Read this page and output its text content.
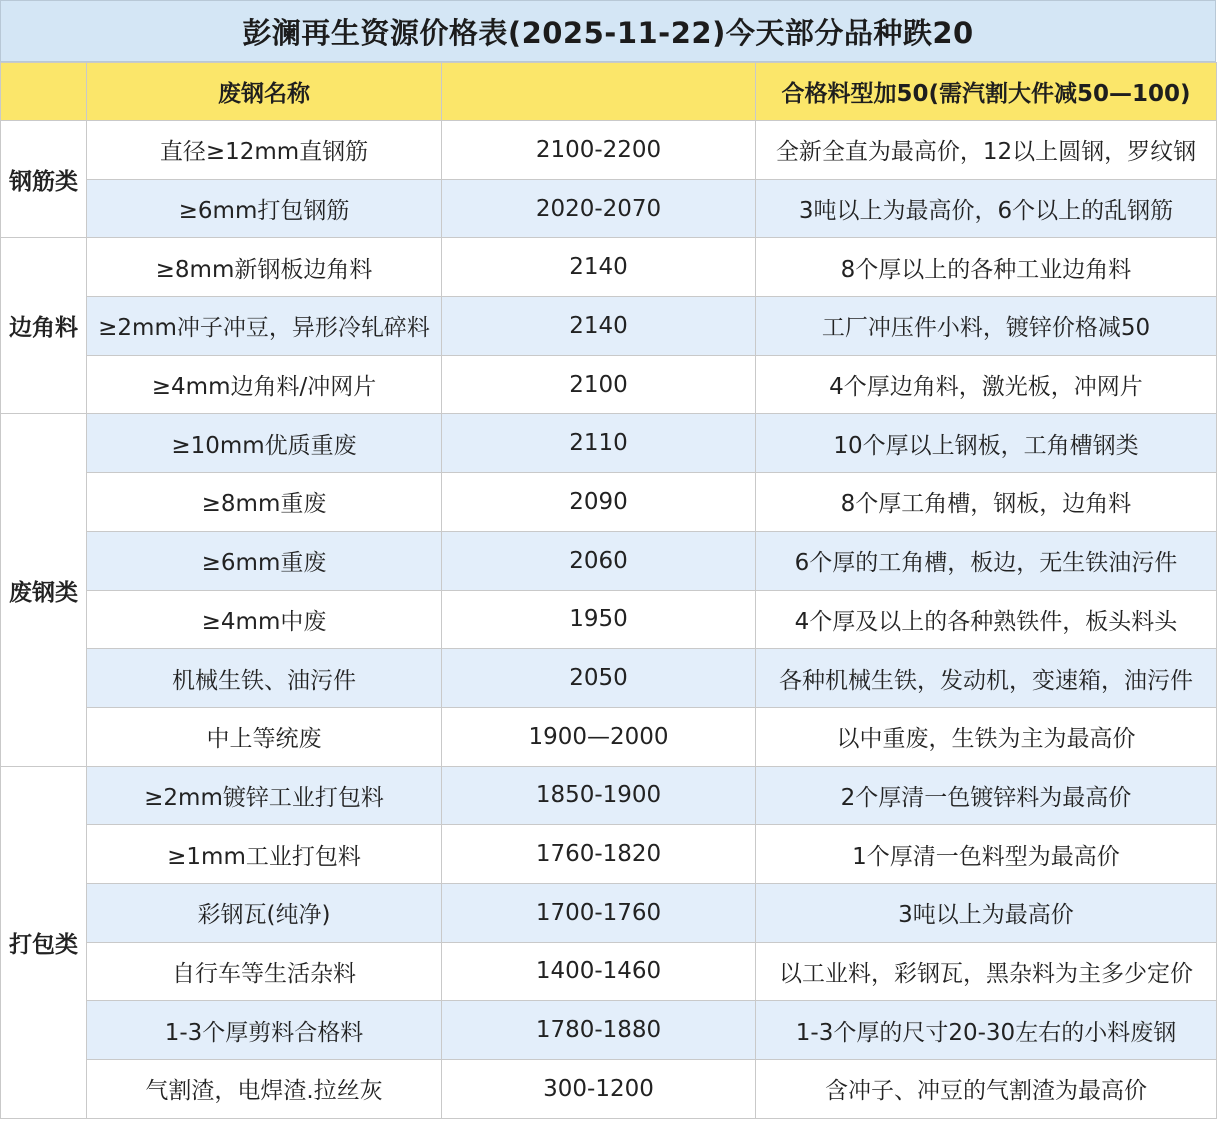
彭澜再生资源价格表(2025-11-22)今天部分品种跌20
	废钢名称		合格料型加50(需汽割大件减50—100)
钢筋类	直径≥12mm直钢筋	2100-2200	全新全直为最高价，12以上圆钢，罗纹钢
	≥6mm打包钢筋	2020-2070	3吨以上为最高价，6个以上的乱钢筋
边角料	≥8mm新钢板边角料	2140	8个厚以上的各种工业边角料
	≥2mm冲子冲豆，异形冷轧碎料	2140	工厂冲压件小料，镀锌价格减50
	≥4mm边角料/冲网片	2100	4个厚边角料，激光板，冲网片
废钢类	≥10mm优质重废	2110	10个厚以上钢板，工角槽钢类
	≥8mm重废	2090	8个厚工角槽，钢板，边角料
	≥6mm重废	2060	6个厚的工角槽，板边，无生铁油污件
	≥4mm中废	1950	4个厚及以上的各种熟铁件，板头料头
	机械生铁、油污件	2050	各种机械生铁，发动机，变速箱，油污件
	中上等统废	1900—2000	以中重废，生铁为主为最高价
打包类	≥2mm镀锌工业打包料	1850-1900	2个厚清一色镀锌料为最高价
	≥1mm工业打包料	1760-1820	1个厚清一色料型为最高价
	彩钢瓦(纯净)	1700-1760	3吨以上为最高价
	自行车等生活杂料	1400-1460	以工业料，彩钢瓦，黑杂料为主多少定价
	1-3个厚剪料合格料	1780-1880	1-3个厚的尺寸20-30左右的小料废钢
	气割渣，电焊渣.拉丝灰	300-1200	含冲子、冲豆的气割渣为最高价
